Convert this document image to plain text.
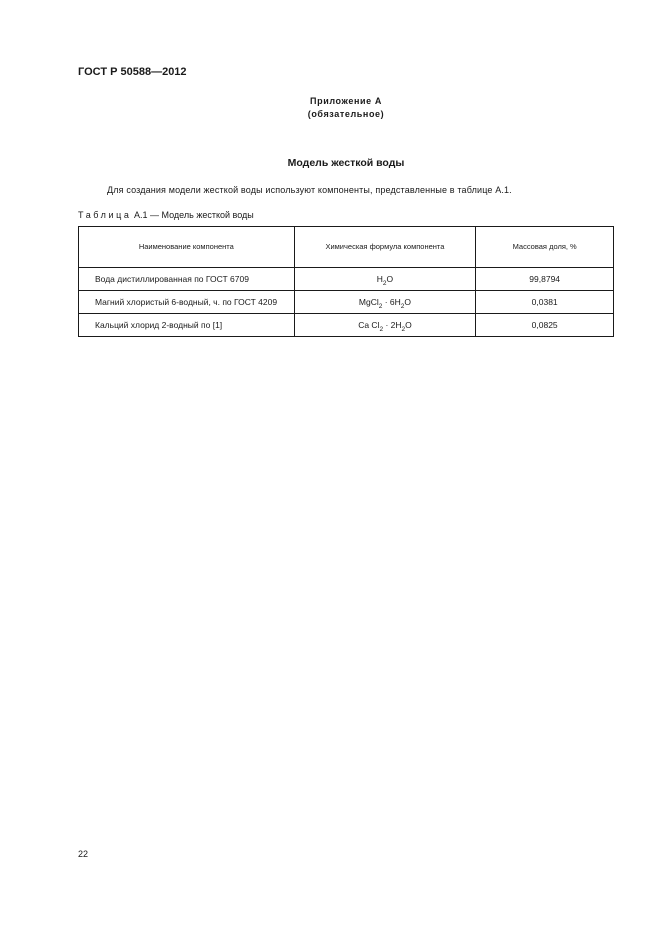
ГОСТ Р 50588—2012
Приложение А
(обязательное)
Модель жесткой воды
Для создания модели жесткой воды используют компоненты, представленные в таблице А.1.
Таблица А.1 — Модель жесткой воды
Наименование компонента	Химическая формула компонента	Массовая доля, %
Вода дистиллированная по ГОСТ 6709	$H_2O$	99,8794
Магний хлористый 6-водный, ч. по ГОСТ 4209	MgCl$_2$ · $6H_2O$	0,0381
Кальций хлорид 2-водный по [1]	Ca $Cl_2 \cdot 2H_2O$	0,0825
22
